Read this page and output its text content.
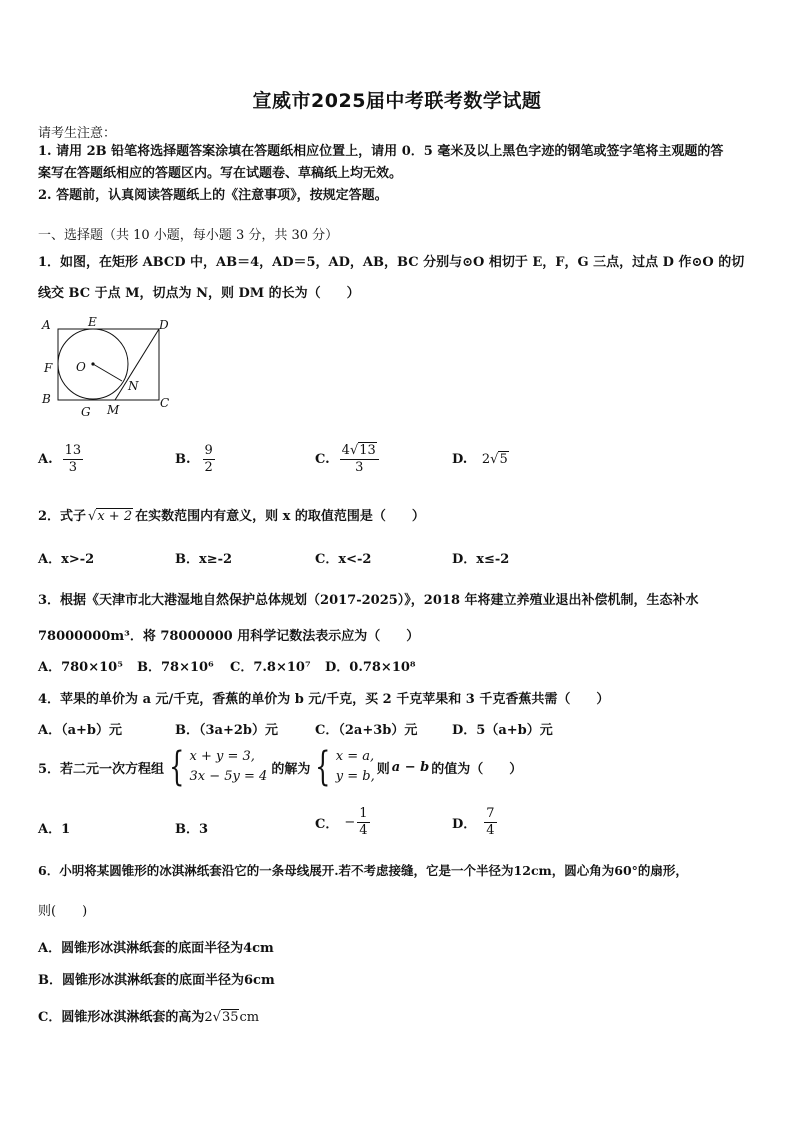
宣威市2025届中考联考数学试题
请考生注意：
1. 请用 2B 铅笔将选择题答案涂填在答题纸相应位置上，请用 0．5 毫米及以上黑色字迹的钢笔或签字笔将主观题的答
案写在答题纸相应的答题区内。写在试题卷、草稿纸上均无效。
2. 答题前，认真阅读答题纸上的《注意事项》，按规定答题。
一、选择题（共 10 小题，每小题 3 分，共 30 分）
1．如图，在矩形 ABCD 中，AB＝4，AD＝5，AD，AB，BC 分别与⊙O 相切于 E，F，G 三点，过点 D 作⊙O 的切
线交 BC 于点 M，切点为 N，则 DM 的长为（　　）
A	E	D
F O
N
B
G M	C
A. $\frac{13}{3}$	B. $\frac{9}{2}$	C. $\frac{4√13}{3}$	D. 2√5
2．式子 √x + 2 在实数范围内有意义，则 x 的取值范围是（　　）
A．x>-2	B．x≥-2	C．x<-2	D．x≤-2
3．根据《天津市北大港湿地自然保护总体规划（2017-2025）》，2018 年将建立养殖业退出补偿机制，生态补水
78000000m³．将 78000000 用科学记数法表示应为（　　）
A．780×10⁵ B．78×10⁶ C．7.8×10⁷ D．0.78×10⁸
4．苹果的单价为 a 元/千克，香蕉的单价为 b 元/千克，买 2 千克苹果和 3 千克香蕉共需（　　）
A．（a+b）元	B．（3a+2b）元	C．（2a+3b）元	D．5（a+b）元
5．若二元一次方程组 { x + y = 3,
3x − 5y = 4 的解为 { x = a,
y = b, 则 a − b 的值为（　　）
A．1	B．3	C． − $\frac{1}{4}$	D． $\frac{7}{4}$
6．小明将某圆锥形的冰淇淋纸套沿它的一条母线展开.若不考虑接缝，它是一个半径为12cm，圆心角为60°的扇形，
则(　　)
A．圆锥形冰淇淋纸套的底面半径为4cm
B．圆锥形冰淇淋纸套的底面半径为6cm
C．圆锥形冰淇淋纸套的高为2√35cm
